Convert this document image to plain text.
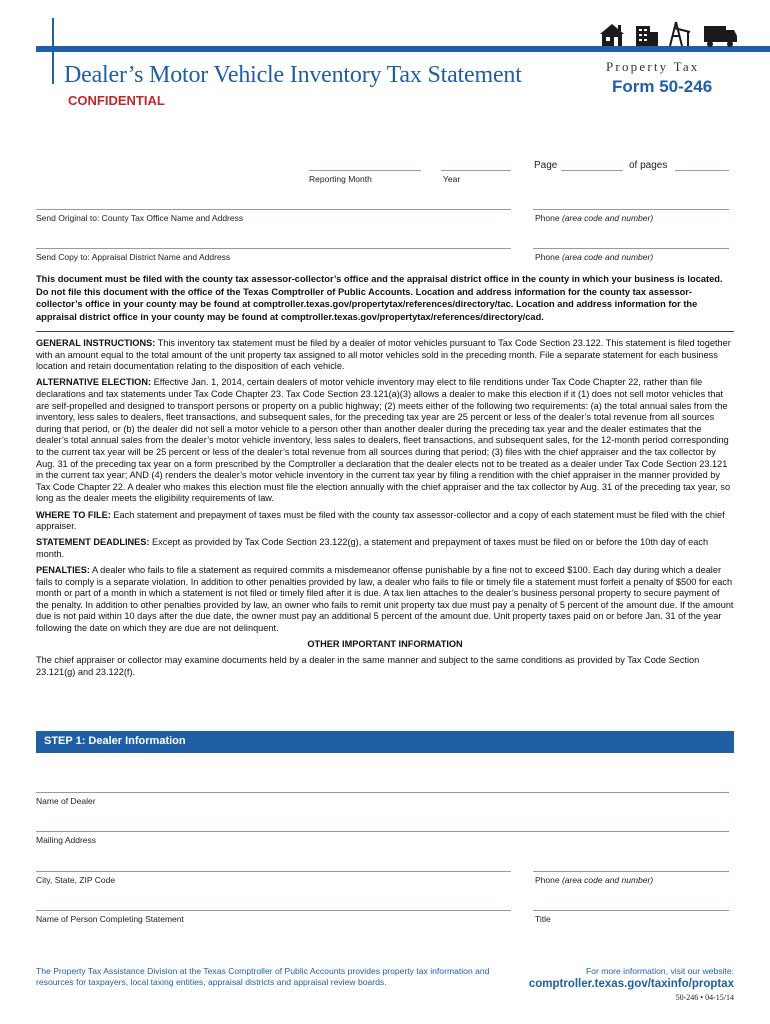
Dealer’s Motor Vehicle Inventory Tax Statement
CONFIDENTIAL
Property Tax
Form 50-246
Reporting Month	Year
Page	of pages
Send Original to: County Tax Office Name and Address	Phone (area code and number)
Send Copy to: Appraisal District Name and Address	Phone (area code and number)
This document must be filed with the county tax assessor-collector’s office and the appraisal district office in the county in which your business is located. Do not file this document with the office of the Texas Comptroller of Public Accounts. Location and address information for the county tax assessor-collector’s office in your county may be found at comptroller.texas.gov/propertytax/references/directory/tac. Location and address information for the appraisal district office in your county may be found at comptroller.texas.gov/propertytax/references/directory/cad.

GENERAL INSTRUCTIONS: This inventory tax statement must be filed by a dealer of motor vehicles pursuant to Tax Code Section 23.122. This statement is filed together with an amount equal to the total amount of the unit property tax assigned to all motor vehicles sold in the preceding month. File a separate statement for each business location and retain documentation relating to the disposition of each vehicle.

ALTERNATIVE ELECTION: Effective Jan. 1, 2014, certain dealers of motor vehicle inventory may elect to file renditions under Tax Code Chapter 22, rather than file declarations and tax statements under Tax Code Chapter 23. Tax Code Section 23.121(a)(3) allows a dealer to make this election if it (1) does not sell motor vehicles that are self-propelled and designed to transport persons or property on a public highway; (2) meets either of the following two requirements: (a) the total annual sales from the inventory, less sales to dealers, fleet transactions, and subsequent sales, for the preceding tax year are 25 percent or less of the dealer’s total revenue from all sources during that period, or (b) the dealer did not sell a motor vehicle to a person other than another dealer during the preceding tax year and the dealer estimates that the dealer’s total annual sales from the dealer’s motor vehicle inventory, less sales to dealers, fleet transactions, and subsequent sales, for the 12-month period corresponding to the current tax year will be 25 percent or less of the dealer’s total revenue from all sources during that period; (3) files with the chief appraiser and the tax collector by Aug. 31 of the preceding tax year on a form prescribed by the Comptroller a declaration that the dealer elects not to be treated as a dealer under Tax Code Section 23.121 in the current tax year; AND (4) renders the dealer’s motor vehicle inventory in the current tax year by filing a rendition with the chief appraiser in the manner provided by Tax Code Chapter 22. A dealer who makes this election must file the election annually with the chief appraiser and the tax collector by Aug. 31 of the preceding tax year, so long as the dealer meets the eligibility requirements of law.

WHERE TO FILE: Each statement and prepayment of taxes must be filed with the county tax assessor-collector and a copy of each statement must be filed with the chief appraiser.

STATEMENT DEADLINES: Except as provided by Tax Code Section 23.122(g), a statement and prepayment of taxes must be filed on or before the 10th day of each month.

PENALTIES: A dealer who fails to file a statement as required commits a misdemeanor offense punishable by a fine not to exceed $100. Each day during which a dealer fails to comply is a separate violation. In addition to other penalties provided by law, a dealer who fails to file or timely file a statement must forfeit a penalty of $500 for each month or part of a month in which a statement is not filed or timely filed after it is due. A tax lien attaches to the dealer’s business personal property to secure payment of the penalty. In addition to other penalties provided by law, an owner who fails to remit unit property tax due must pay a penalty of 5 percent of the amount due. If the amount due is not paid within 10 days after the due date, the owner must pay an additional 5 percent of the amount due. Unit property taxes paid on or before Jan. 31 of the year following the date on which they are due are not delinquent.

OTHER IMPORTANT INFORMATION

The chief appraiser or collector may examine documents held by a dealer in the same manner and subject to the same conditions as provided by Tax Code Section 23.121(g) and 23.122(f).

STEP 1: Dealer Information
Name of Dealer
Mailing Address
City, State, ZIP Code	Phone (area code and number)
Name of Person Completing Statement	Title
The Property Tax Assistance Division at the Texas Comptroller of Public Accounts provides property tax information and resources for taxpayers, local taxing entities, appraisal districts and appraisal review boards.
For more information, visit our website:
comptroller.texas.gov/taxinfo/proptax
50-246 • 04-15/14
